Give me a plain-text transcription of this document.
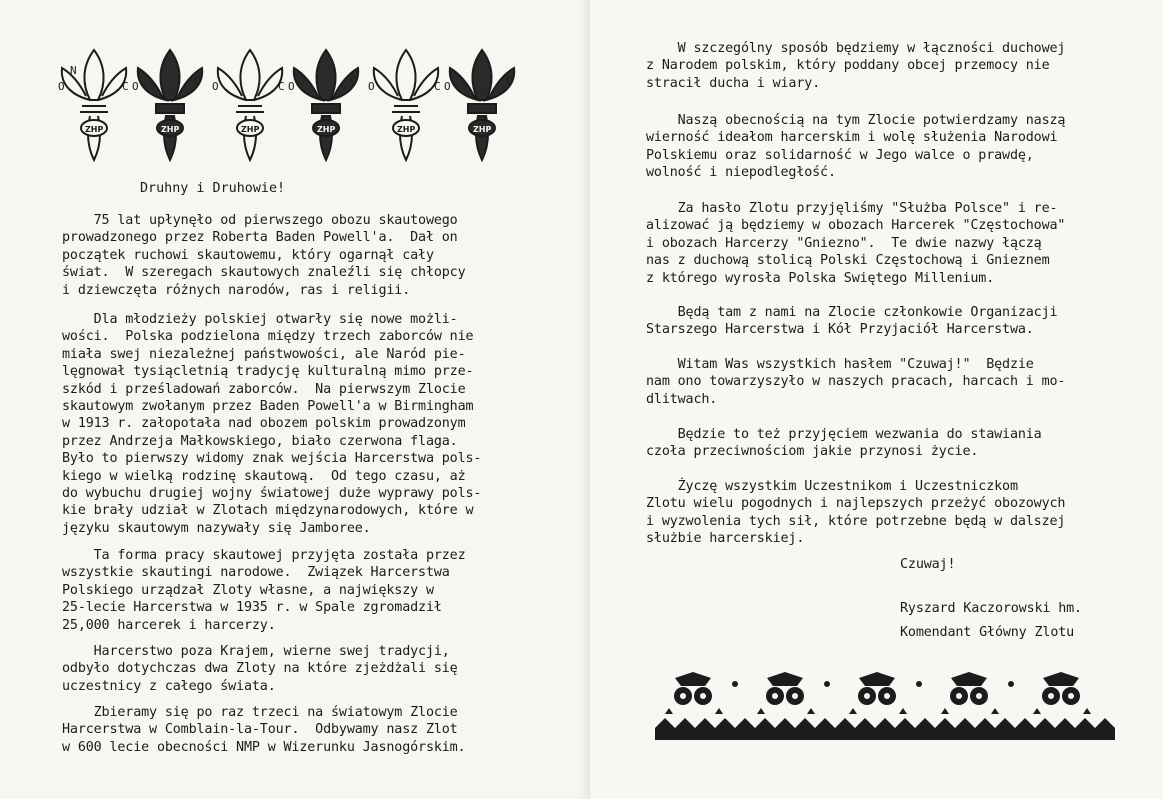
O
N
C
ZHP	ZHP
O	C
ZHP
O	C
ZHP
O	C
ZHP
O	C
ZHP
O	C
Druhny i Druhowie!

75 lat upłynęło od pierwszego obozu skautowego
prowadzonego przez Roberta Baden Powell'a.  Dał on
początek ruchowi skautowemu, który ogarnął cały
świat.  W szeregach skautowych znaleźli się chłopcy
i dziewczęta różnych narodów, ras i religii.

Dla młodzieży polskiej otwarły się nowe możli-
wości.  Polska podzielona między trzech zaborców nie
miała swej niezależnej państwowości, ale Naród pie-
lęgnował tysiącletnią tradycję kulturalną mimo prze-
szkód i prześladowań zaborców.  Na pierwszym Zlocie
skautowym zwołanym przez Baden Powell'a w Birmingham
w 1913 r. załopotała nad obozem polskim prowadzonym
przez Andrzeja Małkowskiego, biało czerwona flaga.
Było to pierwszy widomy znak wejścia Harcerstwa pols-
kiego w wielką rodzinę skautową.  Od tego czasu, aż
do wybuchu drugiej wojny światowej duże wyprawy pols-
kie brały udział w Zlotach międzynarodowych, które w
języku skautowym nazywały się Jamboree.

Ta forma pracy skautowej przyjęta została przez
wszystkie skautingi narodowe.  Związek Harcerstwa
Polskiego urządzał Zloty własne, a największy w
25-lecie Harcerstwa w 1935 r. w Spale zgromadził
25,000 harcerek i harcerzy.

Harcerstwo poza Krajem, wierne swej tradycji,
odbyło dotychczas dwa Zloty na które zjeżdżali się
uczestnicy z całego świata.

Zbieramy się po raz trzeci na światowym Zlocie
Harcerstwa w Comblain-la-Tour.  Odbywamy nasz Zlot
w 600 lecie obecności NMP w Wizerunku Jasnogórskim.

W szczególny sposób będziemy w łączności duchowej
z Narodem polskim, który poddany obcej przemocy nie
stracił ducha i wiary.

Naszą obecnością na tym Zlocie potwierdzamy naszą
wierność ideałom harcerskim i wolę służenia Narodowi
Polskiemu oraz solidarność w Jego walce o prawdę,
wolność i niepodległość.

Za hasło Zlotu przyjęliśmy "Służba Polsce" i re-
alizować ją będziemy w obozach Harcerek "Częstochowa"
i obozach Harcerzy "Gniezno".  Te dwie nazwy łączą
nas z duchową stolicą Polski Częstochową i Gnieznem
z którego wyrosła Polska Swiętego Millenium.

Będą tam z nami na Zlocie członkowie Organizacji
Starszego Harcerstwa i Kół Przyjaciół Harcerstwa.

Witam Was wszystkich hasłem "Czuwaj!"  Będzie
nam ono towarzyszyło w naszych pracach, harcach i mo-
dlitwach.

Będzie to też przyjęciem wezwania do stawiania
czoła przeciwnościom jakie przynosi życie.

Życzę wszystkim Uczestnikom i Uczestniczkom
Zlotu wielu pogodnych i najlepszych przeżyć obozowych
i wyzwolenia tych sił, które potrzebne będą w dalszej
służbie harcerskiej.

Czuwaj!
Ryszard Kaczorowski hm.
Komendant Główny Zlotu
